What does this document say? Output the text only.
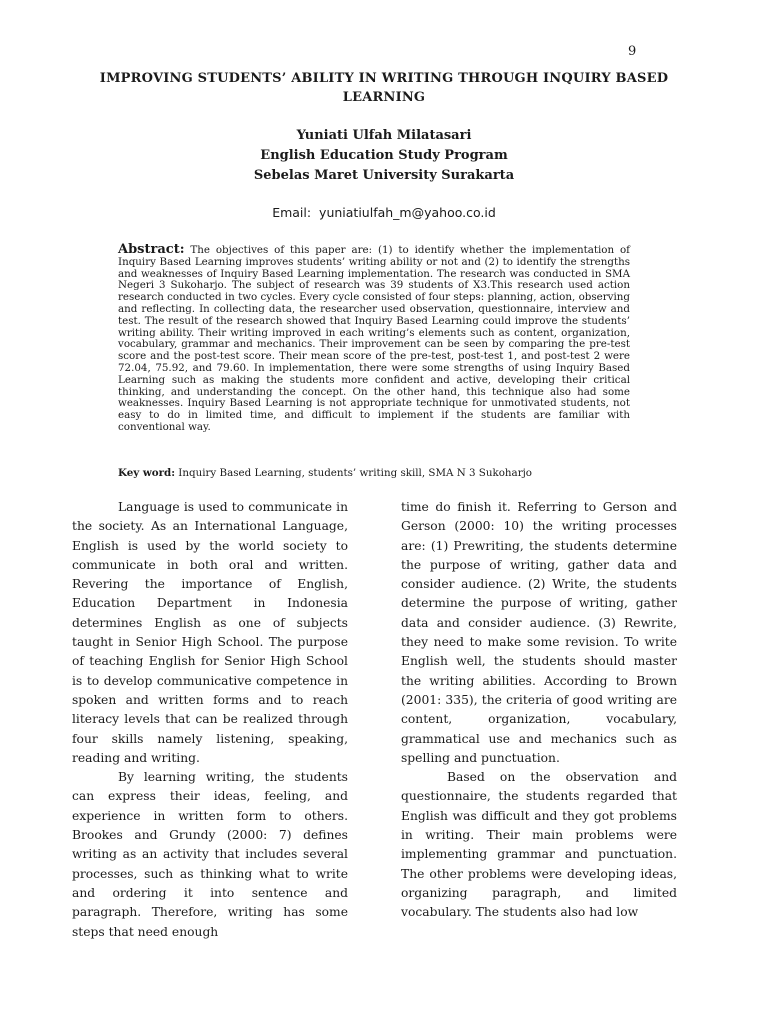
9
IMPROVING STUDENTS’ ABILITY IN WRITING THROUGH INQUIRY BASED LEARNING
Yuniati Ulfah Milatasari
English Education Study Program
Sebelas Maret University Surakarta
Email: yuniatiulfah_m@yahoo.co.id
Abstract: The objectives of this paper are: (1) to identify whether the implementation of Inquiry Based Learning improves students’ writing ability or not and (2) to identify the strengths and weaknesses of Inquiry Based Learning implementation. The research was conducted in SMA Negeri 3 Sukoharjo. The subject of research was 39 students of X3.This research used action research conducted in two cycles. Every cycle consisted of four steps: planning, action, observing and reflecting. In collecting data, the researcher used observation, questionnaire, interview and test. The result of the research showed that Inquiry Based Learning could improve the students’ writing ability. Their writing improved in each writing’s elements such as content, organization, vocabulary, grammar and mechanics. Their improvement can be seen by comparing the pre-test score and the post-test score. Their mean score of the pre-test, post-test 1, and post-test 2 were 72.04, 75.92, and 79.60. In implementation, there were some strengths of using Inquiry Based Learning such as making the students more confident and active, developing their critical thinking, and understanding the concept. On the other hand, this technique also had some weaknesses. Inquiry Based Learning is not appropriate technique for unmotivated students, not easy to do in limited time, and difficult to implement if the students are familiar with conventional way.
Key word: Inquiry Based Learning, students’ writing skill, SMA N 3 Sukoharjo

Language is used to communicate in the society. As an International Language, English is used by the world society to communicate in both oral and written. Revering the importance of English, Education Department in Indonesia determines English as one of subjects taught in Senior High School. The purpose of teaching English for Senior High School is to develop communicative competence in spoken and written forms and to reach literacy levels that can be realized through four skills namely listening, speaking, reading and writing.

By learning writing, the students can express their ideas, feeling, and experience in written form to others. Brookes and Grundy (2000: 7) defines writing as an activity that includes several processes, such as thinking what to write and ordering it into sentence and paragraph. Therefore, writing has some steps that need enough

time do finish it. Referring to Gerson and Gerson (2000: 10) the writing processes are: (1) Prewriting, the students determine the purpose of writing, gather data and consider audience. (2) Write, the students determine the purpose of writing, gather data and consider audience. (3) Rewrite, they need to make some revision. To write English well, the students should master the writing abilities. According to Brown (2001: 335), the criteria of good writing are content, organization, vocabulary, grammatical use and mechanics such as spelling and punctuation.

Based on the observation and questionnaire, the students regarded that English was difficult and they got problems in writing. Their main problems were implementing grammar and punctuation. The other problems were developing ideas, organizing paragraph, and limited vocabulary. The students also had low
